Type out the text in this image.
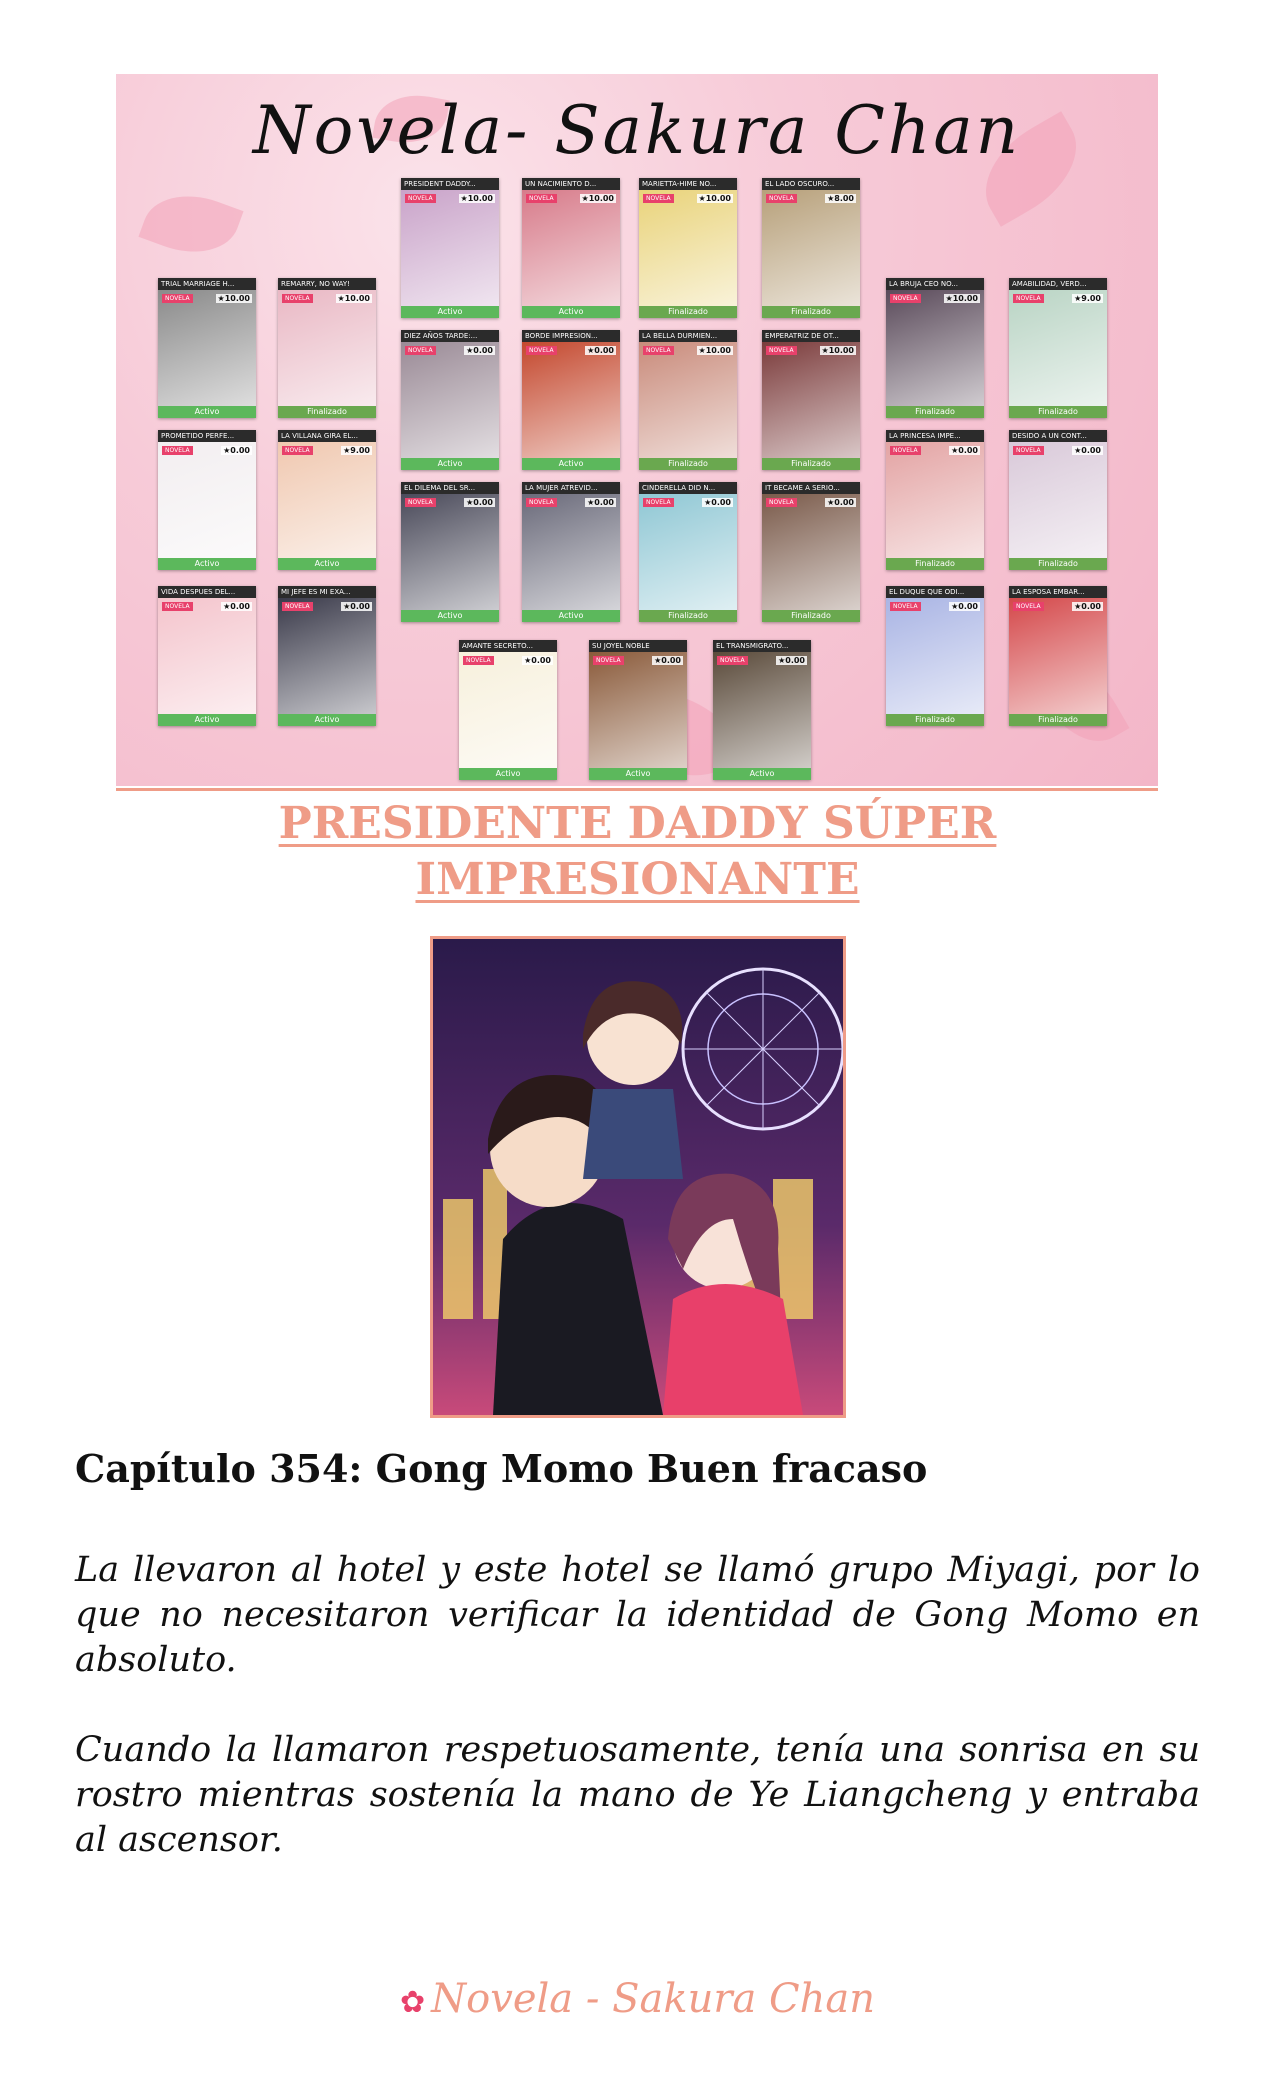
Novela- Sakura Chan
PRESIDENT DADDY...
NOVELA	★10.00
Activo
UN NACIMIENTO D...
NOVELA	★10.00
Activo
MARIETTA-HIME NO...
NOVELA	★10.00
Finalizado
EL LADO OSCURO...
NOVELA	★8.00
Finalizado
TRIAL MARRIAGE H...
NOVELA	★10.00
Activo
REMARRY, NO WAY!
NOVELA	★10.00
Finalizado
DIEZ AÑOS TARDE:...
NOVELA	★0.00
Activo
BORDE IMPRESION...
NOVELA	★0.00
Activo
LA BELLA DURMIEN...
NOVELA	★10.00
Finalizado
EMPERATRIZ DE OT...
NOVELA	★10.00
Finalizado
LA BRUJA CEO NO...
NOVELA	★10.00
Finalizado
AMABILIDAD, VERD...
NOVELA	★9.00
Finalizado
PROMETIDO PERFE...
NOVELA	★0.00
Activo
LA VILLANA GIRA EL...
NOVELA	★9.00
Activo
LA PRINCESA IMPE...
NOVELA	★0.00
Finalizado
DESIDO A UN CONT...
NOVELA	★0.00
Finalizado
EL DILEMA DEL SR...
NOVELA	★0.00
Activo
LA MUJER ATREVID...
NOVELA	★0.00
Activo
CINDERELLA DID N...
NOVELA	★0.00
Finalizado
IT BECAME A SERIO...
NOVELA	★0.00
Finalizado
VIDA DESPUES DEL...
NOVELA	★0.00
Activo
MI JEFE ES MI EXA...
NOVELA	★0.00
Activo
EL DUQUE QUE ODI...
NOVELA	★0.00
Finalizado
LA ESPOSA EMBAR...
NOVELA	★0.00
Finalizado
AMANTE SECRETO...
NOVELA	★0.00
Activo
SU JOYEL NOBLE
NOVELA	★0.00
Activo
EL TRANSMIGRATO...
NOVELA	★0.00
Activo
PRESIDENTE DADDY SÚPER IMPRESIONANTE
Capítulo 354: Gong Momo Buen fracaso

La llevaron al hotel y este hotel se llamó grupo Miyagi, por lo que no necesitaron verificar la identidad de Gong Momo en absoluto.

Cuando la llamaron respetuosamente, tenía una sonrisa en su rostro mientras sostenía la mano de Ye Liangcheng y entraba al ascensor.

✿ Novela - Sakura Chan
